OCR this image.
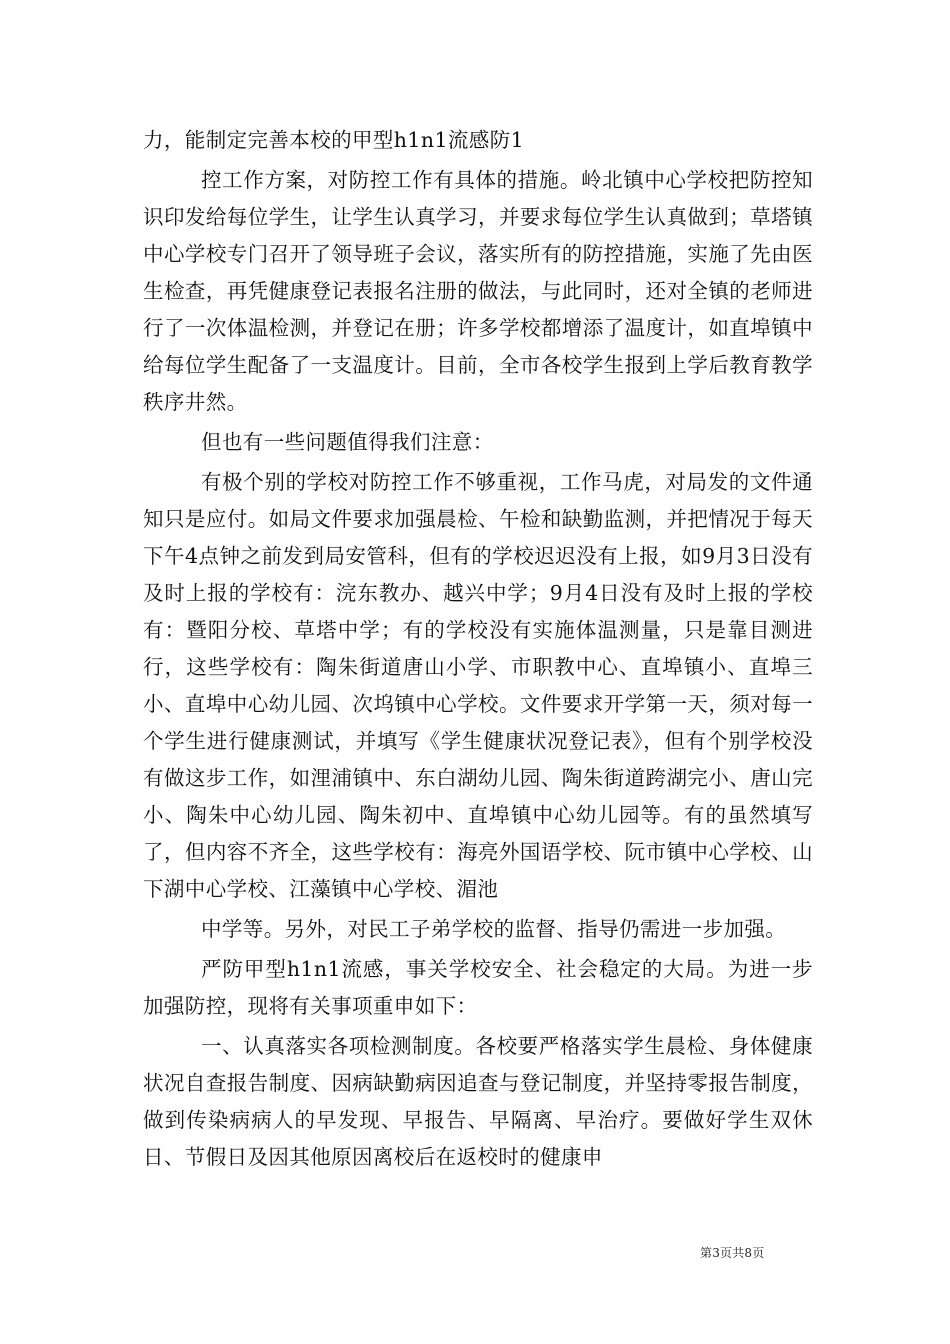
力，能制定完善本校的甲型h1n1流感防1

控工作方案，对防控工作有具体的措施。岭北镇中心学校把防控知识印发给每位学生，让学生认真学习，并要求每位学生认真做到；草塔镇中心学校专门召开了领导班子会议，落实所有的防控措施，实施了先由医生检查，再凭健康登记表报名注册的做法，与此同时，还对全镇的老师进行了一次体温检测，并登记在册；许多学校都增添了温度计，如直埠镇中给每位学生配备了一支温度计。目前，全市各校学生报到上学后教育教学秩序井然。

但也有一些问题值得我们注意：

有极个别的学校对防控工作不够重视，工作马虎，对局发的文件通知只是应付。如局文件要求加强晨检、午检和缺勤监测，并把情况于每天下午4点钟之前发到局安管科，但有的学校迟迟没有上报，如9月3日没有及时上报的学校有：浣东教办、越兴中学；9月4日没有及时上报的学校有：暨阳分校、草塔中学；有的学校没有实施体温测量，只是靠目测进行，这些学校有：陶朱街道唐山小学、市职教中心、直埠镇小、直埠三小、直埠中心幼儿园、次坞镇中心学校。文件要求开学第一天，须对每一个学生进行健康测试，并填写《学生健康状况登记表》，但有个别学校没有做这步工作，如浬浦镇中、东白湖幼儿园、陶朱街道跨湖完小、唐山完小、陶朱中心幼儿园、陶朱初中、直埠镇中心幼儿园等。有的虽然填写了，但内容不齐全，这些学校有：海亮外国语学校、阮市镇中心学校、山下湖中心学校、江藻镇中心学校、湄池

中学等。另外，对民工子弟学校的监督、指导仍需进一步加强。

严防甲型h1n1流感，事关学校安全、社会稳定的大局。为进一步加强防控，现将有关事项重申如下：

一、认真落实各项检测制度。各校要严格落实学生晨检、身体健康状况自查报告制度、因病缺勤病因追查与登记制度，并坚持零报告制度，做到传染病病人的早发现、早报告、早隔离、早治疗。要做好学生双休日、节假日及因其他原因离校后在返校时的健康申

第3页共8页
